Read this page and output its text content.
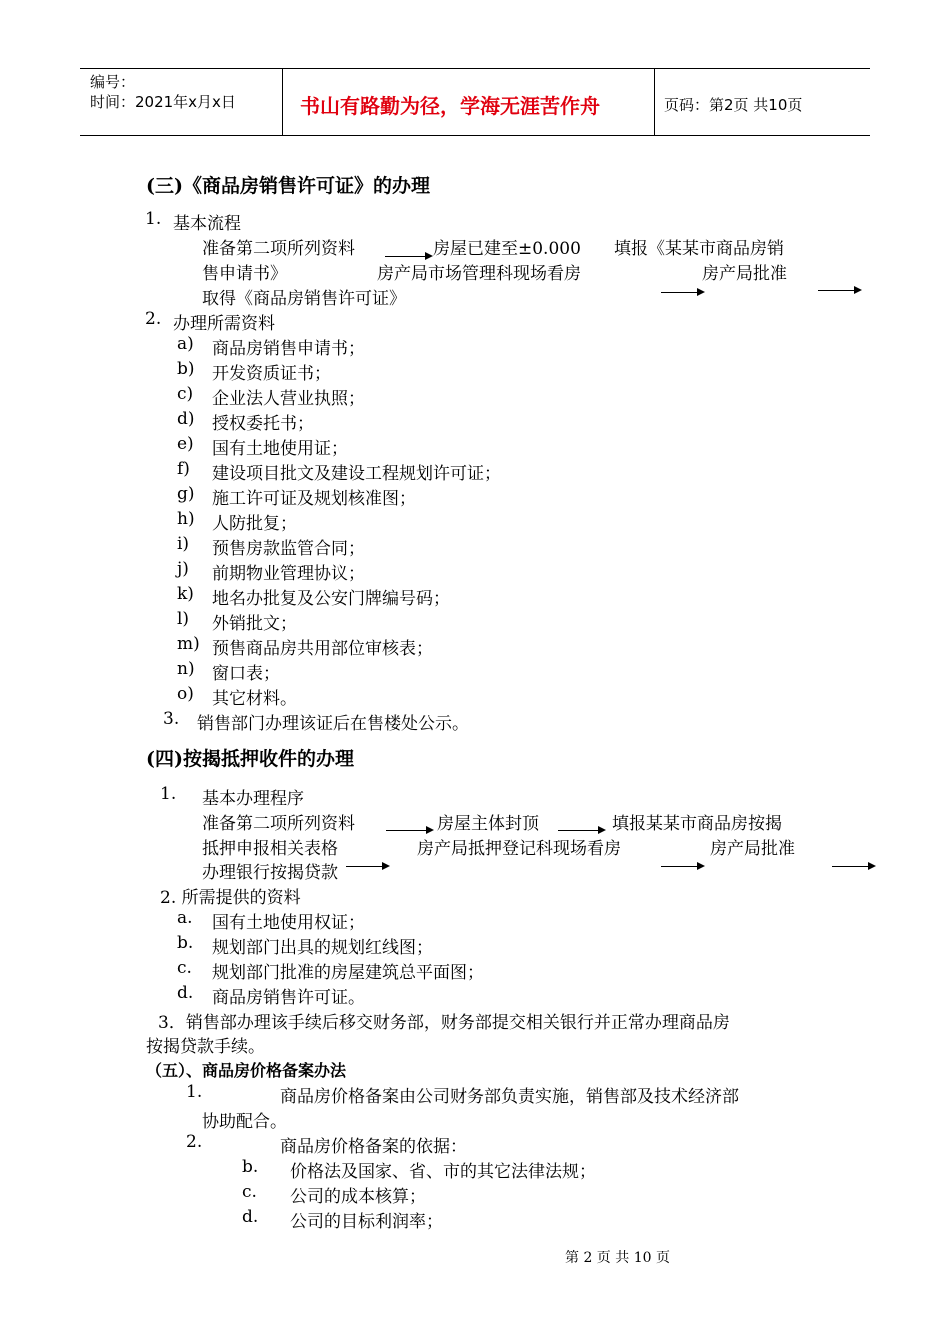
编号：
时间：2021年x月x日	书山有路勤为径，学海无涯苦作舟	页码：第2页 共10页
(三)《商品房销售许可证》的办理
1. 基本流程
准备第二项所列资料	房屋已建至±0.000 填报《某某市商品房销
售申请书》	房产局市场管理科现场看房	房产局批准
取得《商品房销售许可证》
2. 办理所需资料
a) 商品房销售申请书；
b) 开发资质证书；
c) 企业法人营业执照；
d) 授权委托书；
e) 国有土地使用证；
f) 建设项目批文及建设工程规划许可证；
g) 施工许可证及规划核准图；
h) 人防批复；
i) 预售房款监管合同；
j) 前期物业管理协议；
k) 地名办批复及公安门牌编号码；
l) 外销批文；
m) 预售商品房共用部位审核表；
n) 窗口表；
o) 其它材料。
3. 销售部门办理该证后在售楼处公示。
(四)按揭抵押收件的办理
1. 基本办理程序
准备第二项所列资料	房屋主体封顶	填报某某市商品房按揭
抵押申报相关表格	房产局抵押登记科现场看房	房产局批准
办理银行按揭贷款
2. 所需提供的资料
a. 国有土地使用权证；
b. 规划部门出具的规划红线图；
c. 规划部门批准的房屋建筑总平面图；
d. 商品房销售许可证。
3．销售部办理该手续后移交财务部，财务部提交相关银行并正常办理商品房
按揭贷款手续。
（五）、商品房价格备案办法
1.	商品房价格备案由公司财务部负责实施，销售部及技术经济部
协助配合。
2.	商品房价格备案的依据：
b. 价格法及国家、省、市的其它法律法规；
c. 公司的成本核算；
d. 公司的目标利润率；
第 2 页 共 10 页
